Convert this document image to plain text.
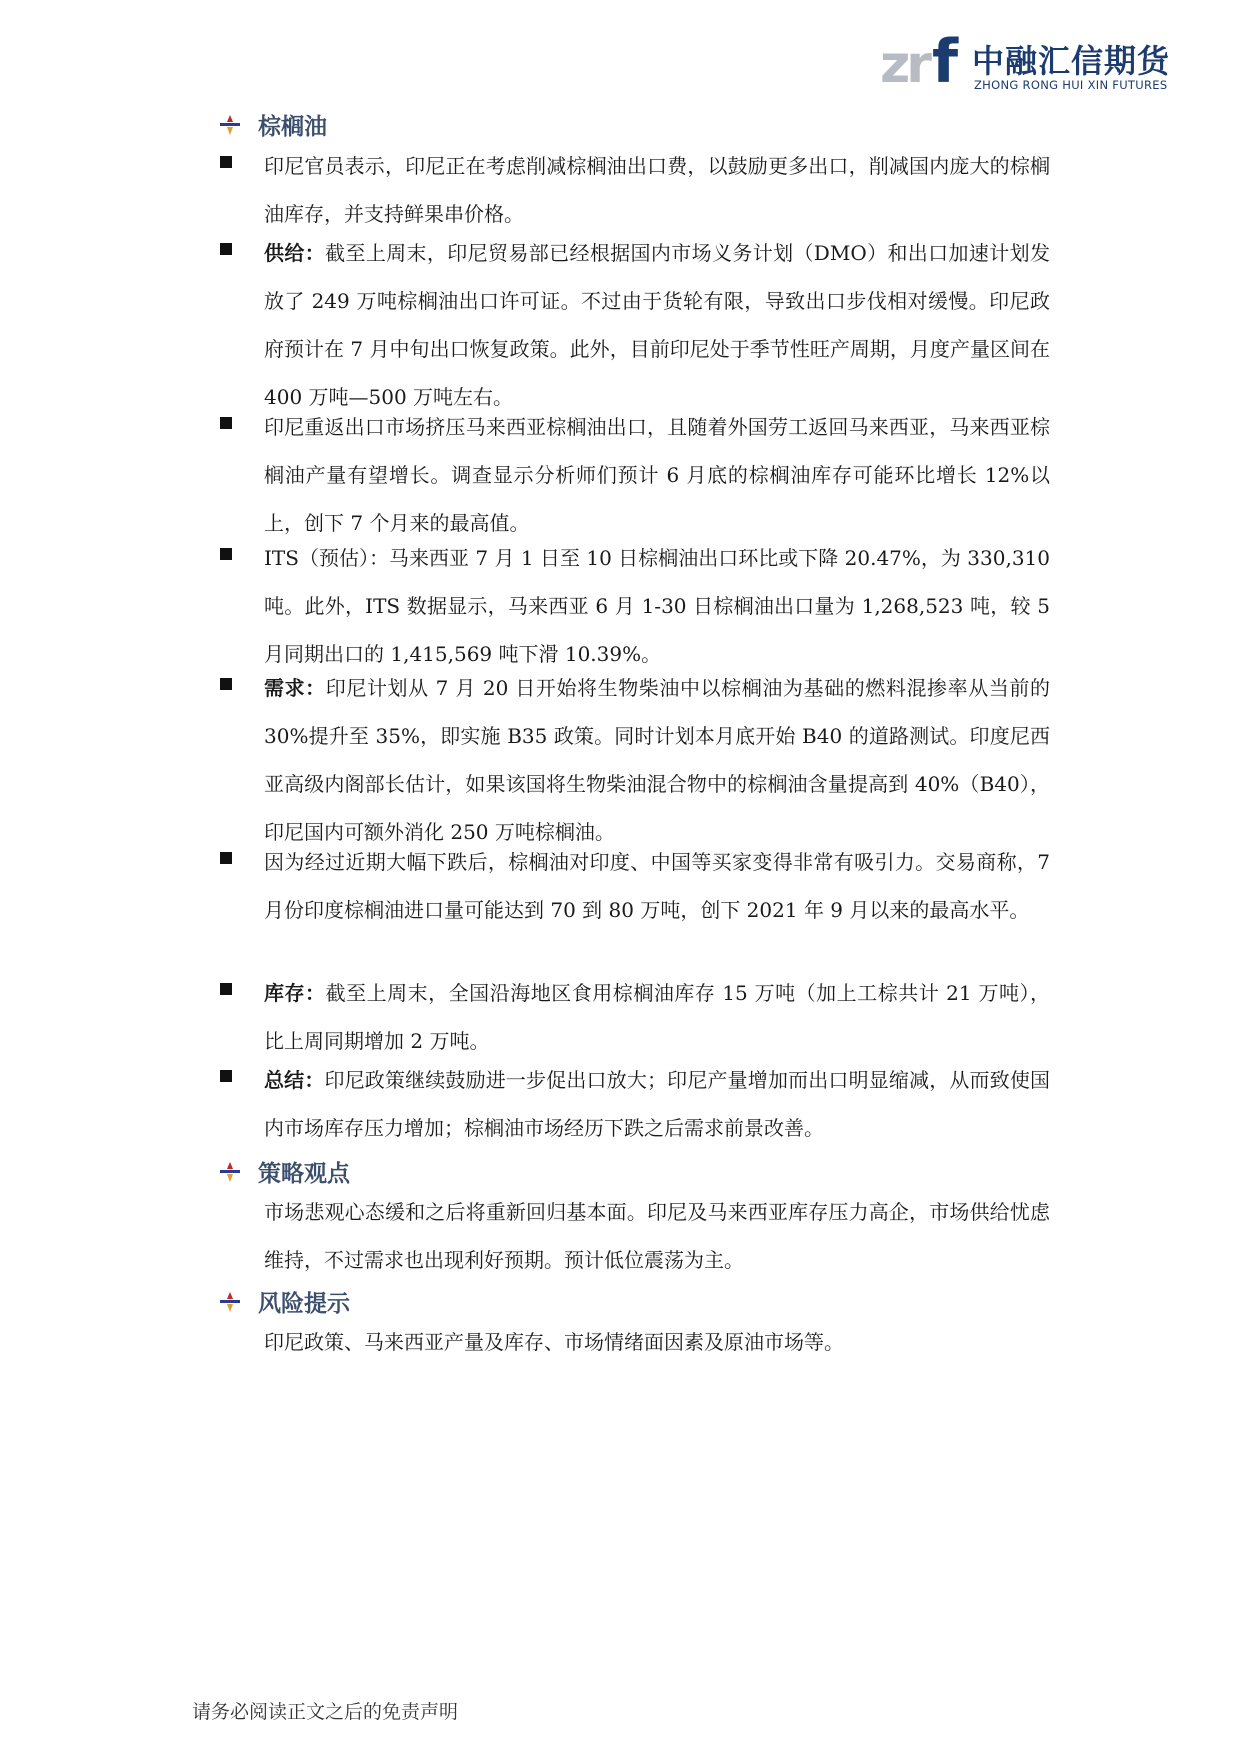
zr f 中融汇信期货
ZHONG RONG HUI XIN FUTURES
棕榈油
印尼官员表示，印尼正在考虑削减棕榈油出口费，以鼓励更多出口，削减国内庞大的棕榈油库存，并支持鲜果串价格。
供给：截至上周末，印尼贸易部已经根据国内市场义务计划（DMO）和出口加速计划发放了 249 万吨棕榈油出口许可证。不过由于货轮有限，导致出口步伐相对缓慢。印尼政府预计在 7 月中旬出口恢复政策。此外，目前印尼处于季节性旺产周期，月度产量区间在 400 万吨—500 万吨左右。
印尼重返出口市场挤压马来西亚棕榈油出口，且随着外国劳工返回马来西亚，马来西亚棕榈油产量有望增长。调查显示分析师们预计 6 月底的棕榈油库存可能环比增长 12%以上，创下 7 个月来的最高值。
ITS（预估）：马来西亚 7 月 1 日至 10 日棕榈油出口环比或下降 20.47%，为 330,310 吨。此外，ITS 数据显示，马来西亚 6 月 1-30 日棕榈油出口量为 1,268,523 吨，较 5 月同期出口的 1,415,569 吨下滑 10.39%。
需求：印尼计划从 7 月 20 日开始将生物柴油中以棕榈油为基础的燃料混掺率从当前的 30%提升至 35%，即实施 B35 政策。同时计划本月底开始 B40 的道路测试。印度尼西亚高级内阁部长估计，如果该国将生物柴油混合物中的棕榈油含量提高到 40%（B40），印尼国内可额外消化 250 万吨棕榈油。
因为经过近期大幅下跌后，棕榈油对印度、中国等买家变得非常有吸引力。交易商称，7 月份印度棕榈油进口量可能达到 70 到 80 万吨，创下 2021 年 9 月以来的最高水平。
库存：截至上周末，全国沿海地区食用棕榈油库存 15 万吨（加上工棕共计 21 万吨），比上周同期增加 2 万吨。
总结：印尼政策继续鼓励进一步促出口放大；印尼产量增加而出口明显缩减，从而致使国内市场库存压力增加；棕榈油市场经历下跌之后需求前景改善。
策略观点
市场悲观心态缓和之后将重新回归基本面。印尼及马来西亚库存压力高企，市场供给忧虑维持，不过需求也出现利好预期。预计低位震荡为主。
风险提示
印尼政策、马来西亚产量及库存、市场情绪面因素及原油市场等。
请务必阅读正文之后的免责声明
